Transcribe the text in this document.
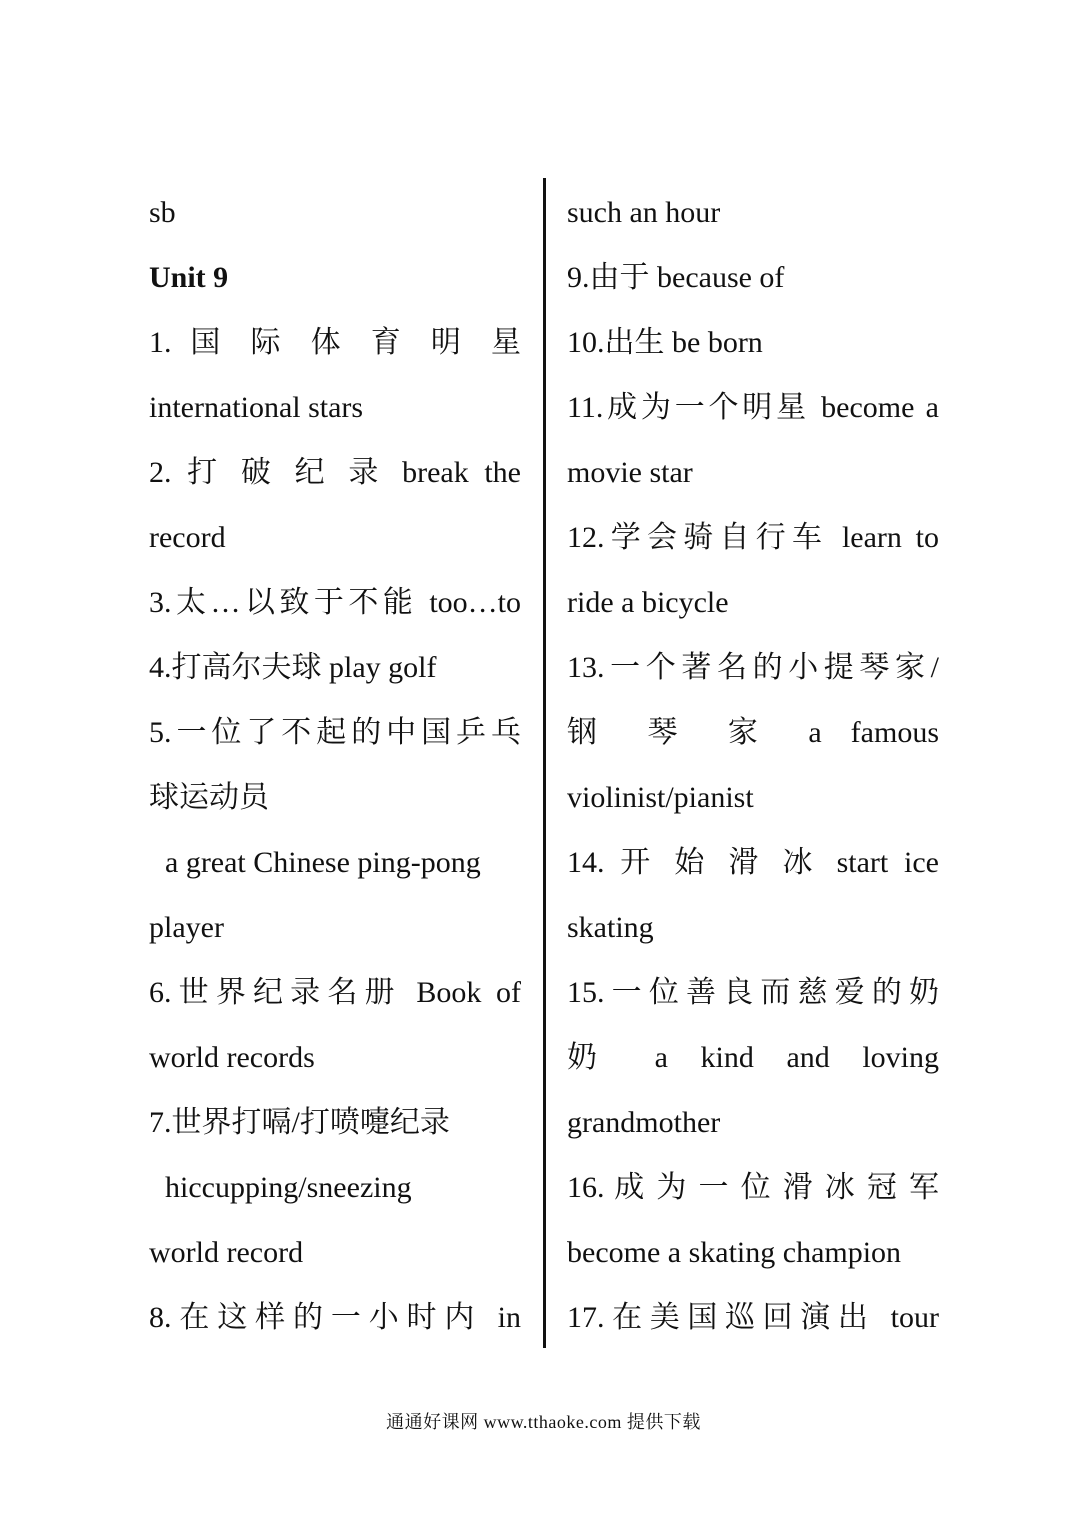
sb
Unit 9
1. 国 际 体 育 明 星
international stars
2. 打 破 纪 录 break the
record
3.太…以致于不能 too…to
4.打高尔夫球 play golf
5.一位了不起的中国乒乓
球运动员
a great Chinese ping-pong
player
6.世界纪录名册 Book of
world records
7.世界打嗝/打喷嚏纪录
hiccupping/sneezing
world record
8.在这样的一小时内 in
such an hour
9.由于 because of
10.出生 be born
11.成为一个明星 become a
movie star
12.学会骑自行车 learn to
ride a bicycle
13.一个著名的小提琴家/
钢 琴 家 a famous
violinist/pianist
14. 开 始 滑 冰 start ice
skating
15.一位善良而慈爱的奶
奶 a kind and loving
grandmother
16. 成 为 一 位 滑 冰 冠 军
become a skating champion
17.在美国巡回演出 tour
通通好课网 www.tthaoke.com 提供下载
